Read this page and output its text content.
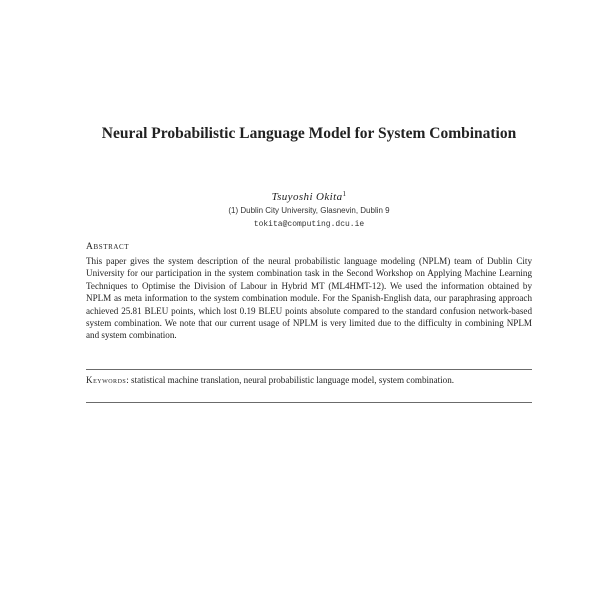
Neural Probabilistic Language Model for System Combination
Tsuyoshi Okita$^1$
(1) Dublin City University, Glasnevin, Dublin 9
tokita@computing.dcu.ie
Abstract
This paper gives the system description of the neural probabilistic language modeling (NPLM) team of Dublin City University for our participation in the system combination task in the Second Workshop on Applying Machine Learning Techniques to Optimise the Division of Labour in Hybrid MT (ML4HMT-12). We used the information obtained by NPLM as meta information to the system combination module. For the Spanish-English data, our paraphrasing approach achieved 25.81 BLEU points, which lost 0.19 BLEU points absolute compared to the standard confusion network-based system combination. We note that our current usage of NPLM is very limited due to the difficulty in combining NPLM and system combination.
Keywords: statistical machine translation, neural probabilistic language model, system combination.
